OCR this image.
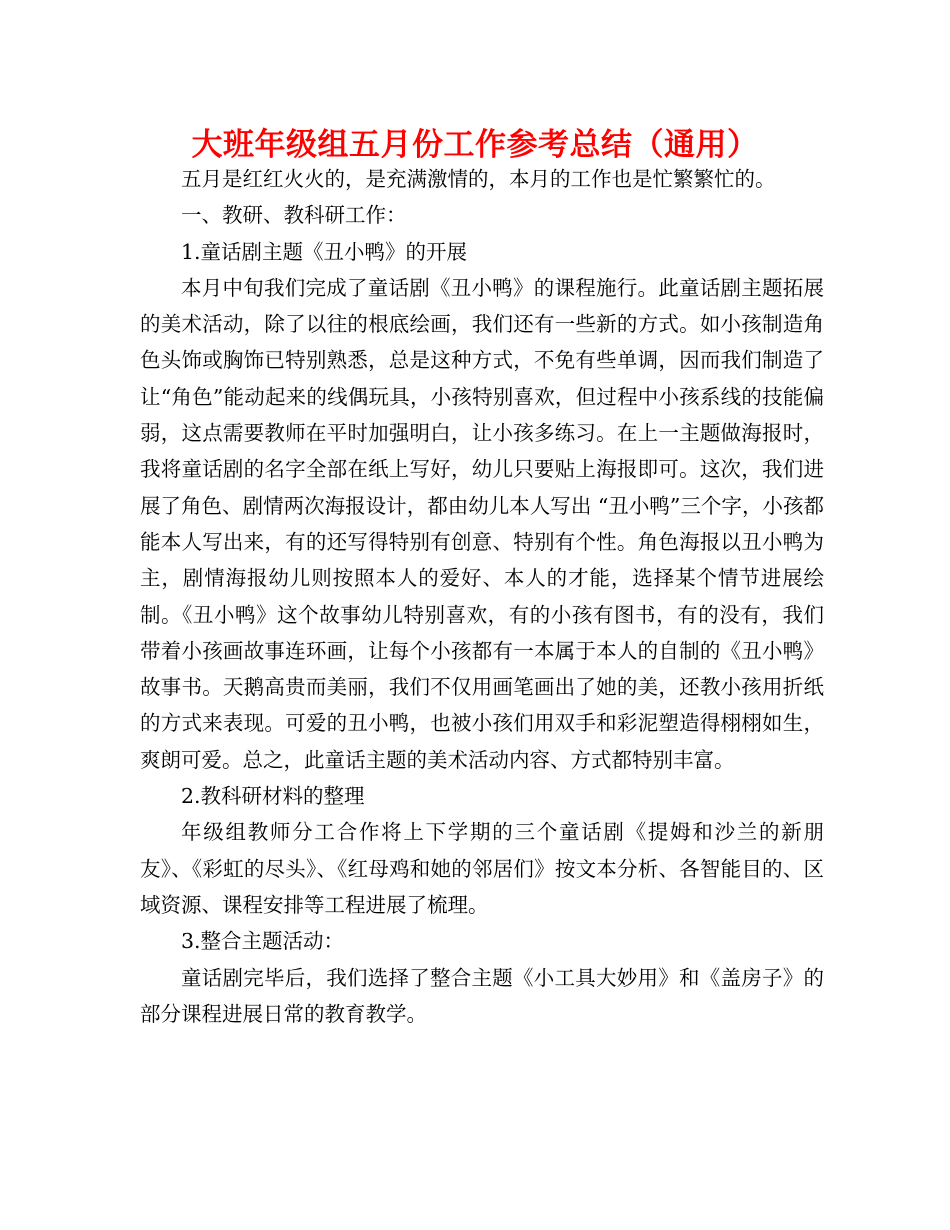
大班年级组五月份工作参考总结（通用）

五月是红红火火的，是充满激情的，本月的工作也是忙繁繁忙的。

一、教研、教科研工作：

1.童话剧主题《丑小鸭》的开展

本月中旬我们完成了童话剧《丑小鸭》的课程施行。此童话剧主题拓展的美术活动，除了以往的根底绘画，我们还有一些新的方式。如小孩制造角色头饰或胸饰已特别熟悉，总是这种方式，不免有些单调，因而我们制造了让“角色”能动起来的线偶玩具，小孩特别喜欢，但过程中小孩系线的技能偏弱，这点需要教师在平时加强明白，让小孩多练习。在上一主题做海报时，我将童话剧的名字全部在纸上写好，幼儿只要贴上海报即可。这次，我们进展了角色、剧情两次海报设计，都由幼儿本人写出 “丑小鸭”三个字，小孩都能本人写出来，有的还写得特别有创意、特别有个性。角色海报以丑小鸭为主，剧情海报幼儿则按照本人的爱好、本人的才能，选择某个情节进展绘制。《丑小鸭》这个故事幼儿特别喜欢，有的小孩有图书，有的没有，我们带着小孩画故事连环画，让每个小孩都有一本属于本人的自制的《丑小鸭》故事书。天鹅高贵而美丽，我们不仅用画笔画出了她的美，还教小孩用折纸的方式来表现。可爱的丑小鸭，也被小孩们用双手和彩泥塑造得栩栩如生，爽朗可爱。总之，此童话主题的美术活动内容、方式都特别丰富。

2.教科研材料的整理

年级组教师分工合作将上下学期的三个童话剧《提姆和沙兰的新朋友》、《彩虹的尽头》、《红母鸡和她的邻居们》按文本分析、各智能目的、区域资源、课程安排等工程进展了梳理。

3.整合主题活动：

童话剧完毕后，我们选择了整合主题《小工具大妙用》和《盖房子》的部分课程进展日常的教育教学。
